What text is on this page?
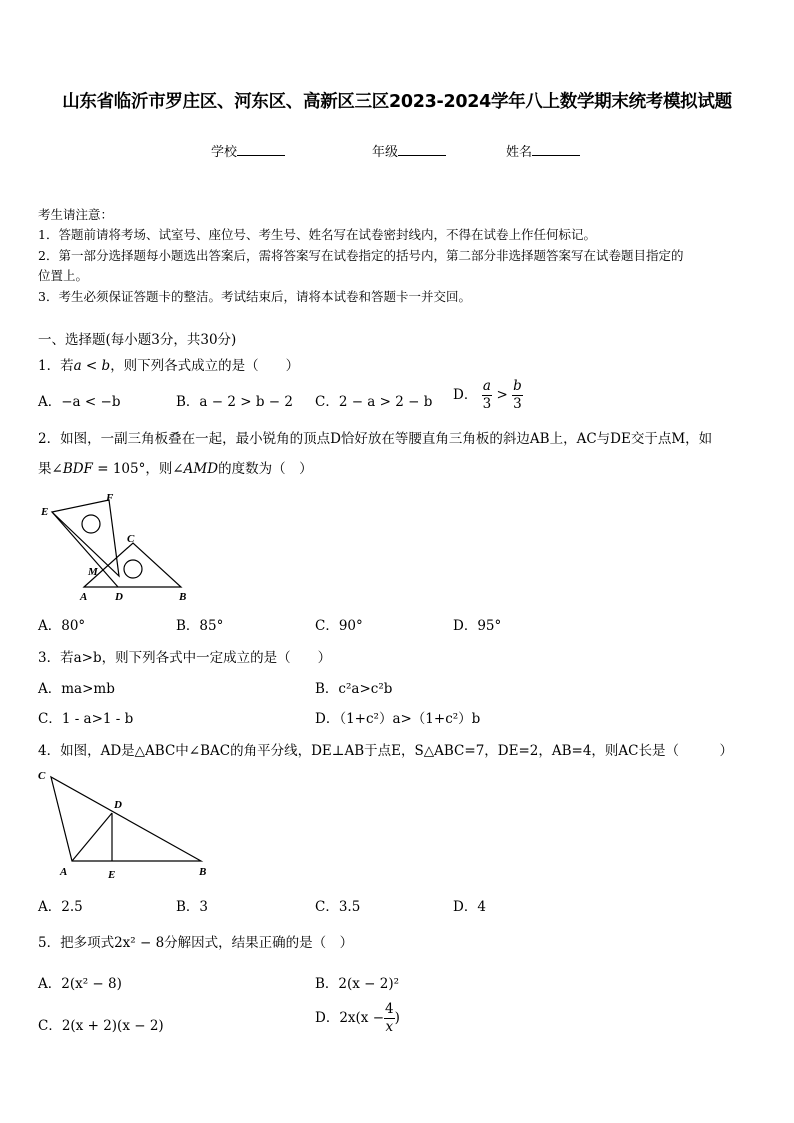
山东省临沂市罗庄区、河东区、高新区三区2023-2024学年八上数学期末统考模拟试题
学校	年级	姓名
考生请注意：
1．答题前请将考场、试室号、座位号、考生号、姓名写在试卷密封线内，不得在试卷上作任何标记。
2．第一部分选择题每小题选出答案后，需将答案写在试卷指定的括号内，第二部分非选择题答案写在试卷题目指定的
位置上。
3．考生必须保证答题卡的整洁。考试结束后，请将本试卷和答题卡一并交回。
一、选择题(每小题3分，共30分)
1．若a < b，则下列各式成立的是（　　）
A．−a < −b	B．a − 2 > b − 2 C．2 − a > 2 − b D． $\frac{a}{3} > \frac{b}{3}$
2．如图，一副三角板叠在一起，最小锐角的顶点D恰好放在等腰直角三角板的斜边AB上，AC与DE交于点M，如
果∠BDF = 105°，则∠AMD的度数为（　）
E
F
C
M
A	D	B
A．80°	B．85°	C．90°	D．95°
3．若a>b，则下列各式中一定成立的是（　　）
A．ma>mb	B．c²a>c²b
C．1 - a>1 - b	D．（1+c²）a>（1+c²）b
4．如图，AD是△ABC中∠BAC的角平分线，DE⊥AB于点E，S△ABC=7，DE=2，AB=4，则AC长是（　　　）
C
D
A	E	B
A．2.5	B．3	C．3.5	D．4
5．把多项式2x² − 8分解因式，结果正确的是（　）
A．2(x² − 8)	B．2(x − 2)²
C．2(x + 2)(x − 2)	D．$2x(x - \frac{4}{x}$ )
